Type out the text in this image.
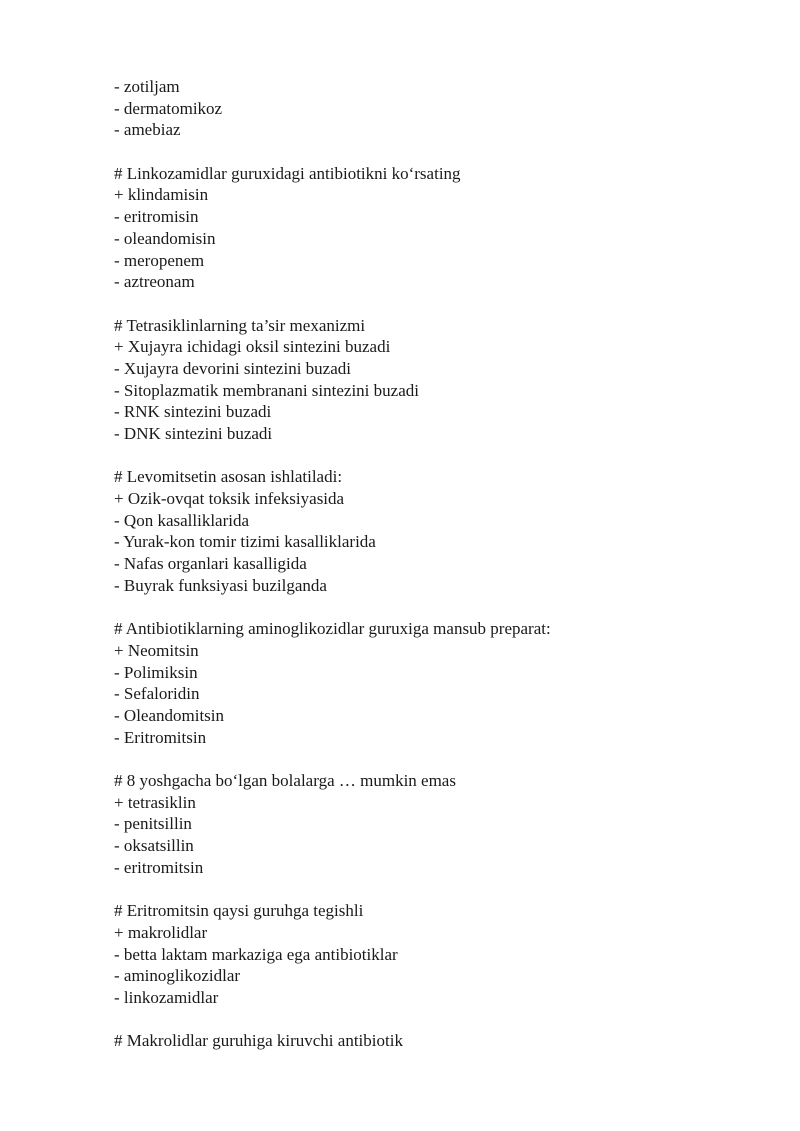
- zotiljam
- dermatomikoz
- amebiaz
# Linkozamidlar guruxidagi antibiotikni ko‘rsating
+ klindamisin
- eritromisin
- oleandomisin
- meropenem
- aztreonam
# Tetrasiklinlarning ta’sir mexanizmi
+ Xujayra ichidagi oksil sintezini buzadi
- Xujayra devorini sintezini buzadi
- Sitoplazmatik membranani sintezini buzadi
- RNK sintezini buzadi
- DNK sintezini buzadi
# Levomitsetin asosan ishlatiladi:
+ Ozik-ovqat toksik infeksiyasida
- Qon kasalliklarida
- Yurak-kon tomir tizimi kasalliklarida
- Nafas organlari kasalligida
- Buyrak funksiyasi buzilganda
# Antibiotiklarning aminoglikozidlar guruxiga mansub preparat:
+ Neomitsin
- Polimiksin
- Sefaloridin
- Oleandomitsin
- Eritromitsin
# 8 yoshgacha bo‘lgan bolalarga … mumkin emas
+ tetrasiklin
- penitsillin
- oksatsillin
- eritromitsin
# Eritromitsin qaysi guruhga tegishli
+ makrolidlar
- betta laktam markaziga ega antibiotiklar
- aminoglikozidlar
- linkozamidlar
# Makrolidlar guruhiga kiruvchi antibiotik
